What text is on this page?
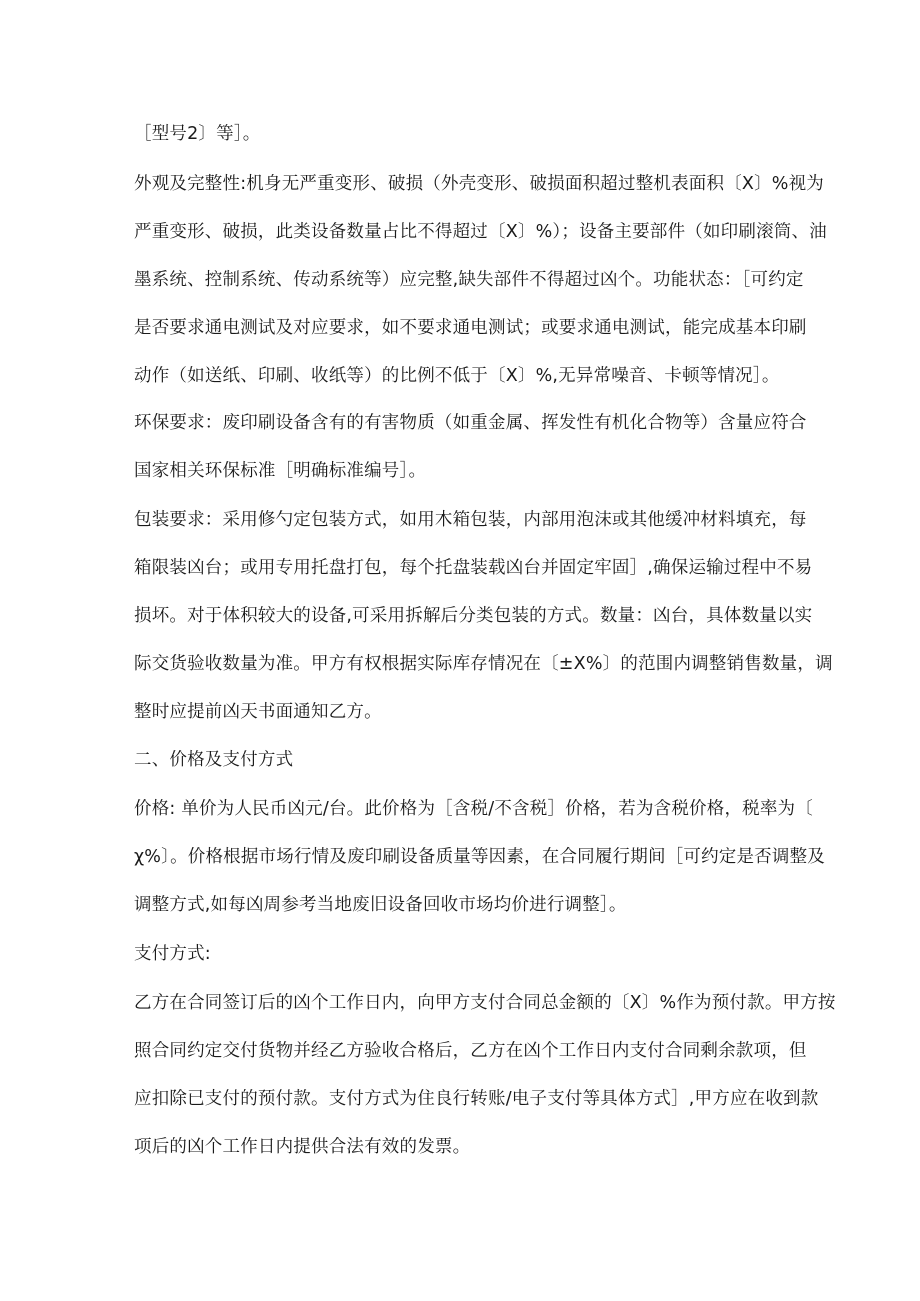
［型号2〕等］。
外观及完整性:机身无严重变形、破损（外壳变形、破损面积超过整机表面积〔X〕%视为
严重变形、破损，此类设备数量占比不得超过〔X〕%）；设备主要部件（如印刷滚筒、油
墨系统、控制系统、传动系统等）应完整,缺失部件不得超过凶个。功能状态：［可约定
是否要求通电测试及对应要求，如不要求通电测试；或要求通电测试，能完成基本印刷
动作（如送纸、印刷、收纸等）的比例不低于〔X〕%,无异常噪音、卡顿等情况］。
环保要求：废印刷设备含有的有害物质（如重金属、挥发性有机化合物等）含量应符合
国家相关环保标准［明确标准编号］。
包装要求：采用修勺定包装方式，如用木箱包装，内部用泡沫或其他缓冲材料填充，每
箱限装凶台；或用专用托盘打包，每个托盘装载凶台并固定牢固］,确保运输过程中不易
损坏。对于体积较大的设备,可采用拆解后分类包装的方式。数量：凶台，具体数量以实
际交货验收数量为准。甲方有权根据实际库存情况在〔±X%〕的范围内调整销售数量，调
整时应提前凶天书面通知乙方。
二、价格及支付方式
价格: 单价为人民币凶元/台。此价格为［含税/不含税］价格，若为含税价格，税率为〔
χ%〕。价格根据市场行情及废印刷设备质量等因素，在合同履行期间［可约定是否调整及
调整方式,如每凶周参考当地废旧设备回收市场均价进行调整］。
支付方式:
乙方在合同签订后的凶个工作日内，向甲方支付合同总金额的〔X〕%作为预付款。甲方按
照合同约定交付货物并经乙方验收合格后，乙方在凶个工作日内支付合同剩余款项，但
应扣除已支付的预付款。支付方式为住良行转账/电子支付等具体方式］,甲方应在收到款
项后的凶个工作日内提供合法有效的发票。
